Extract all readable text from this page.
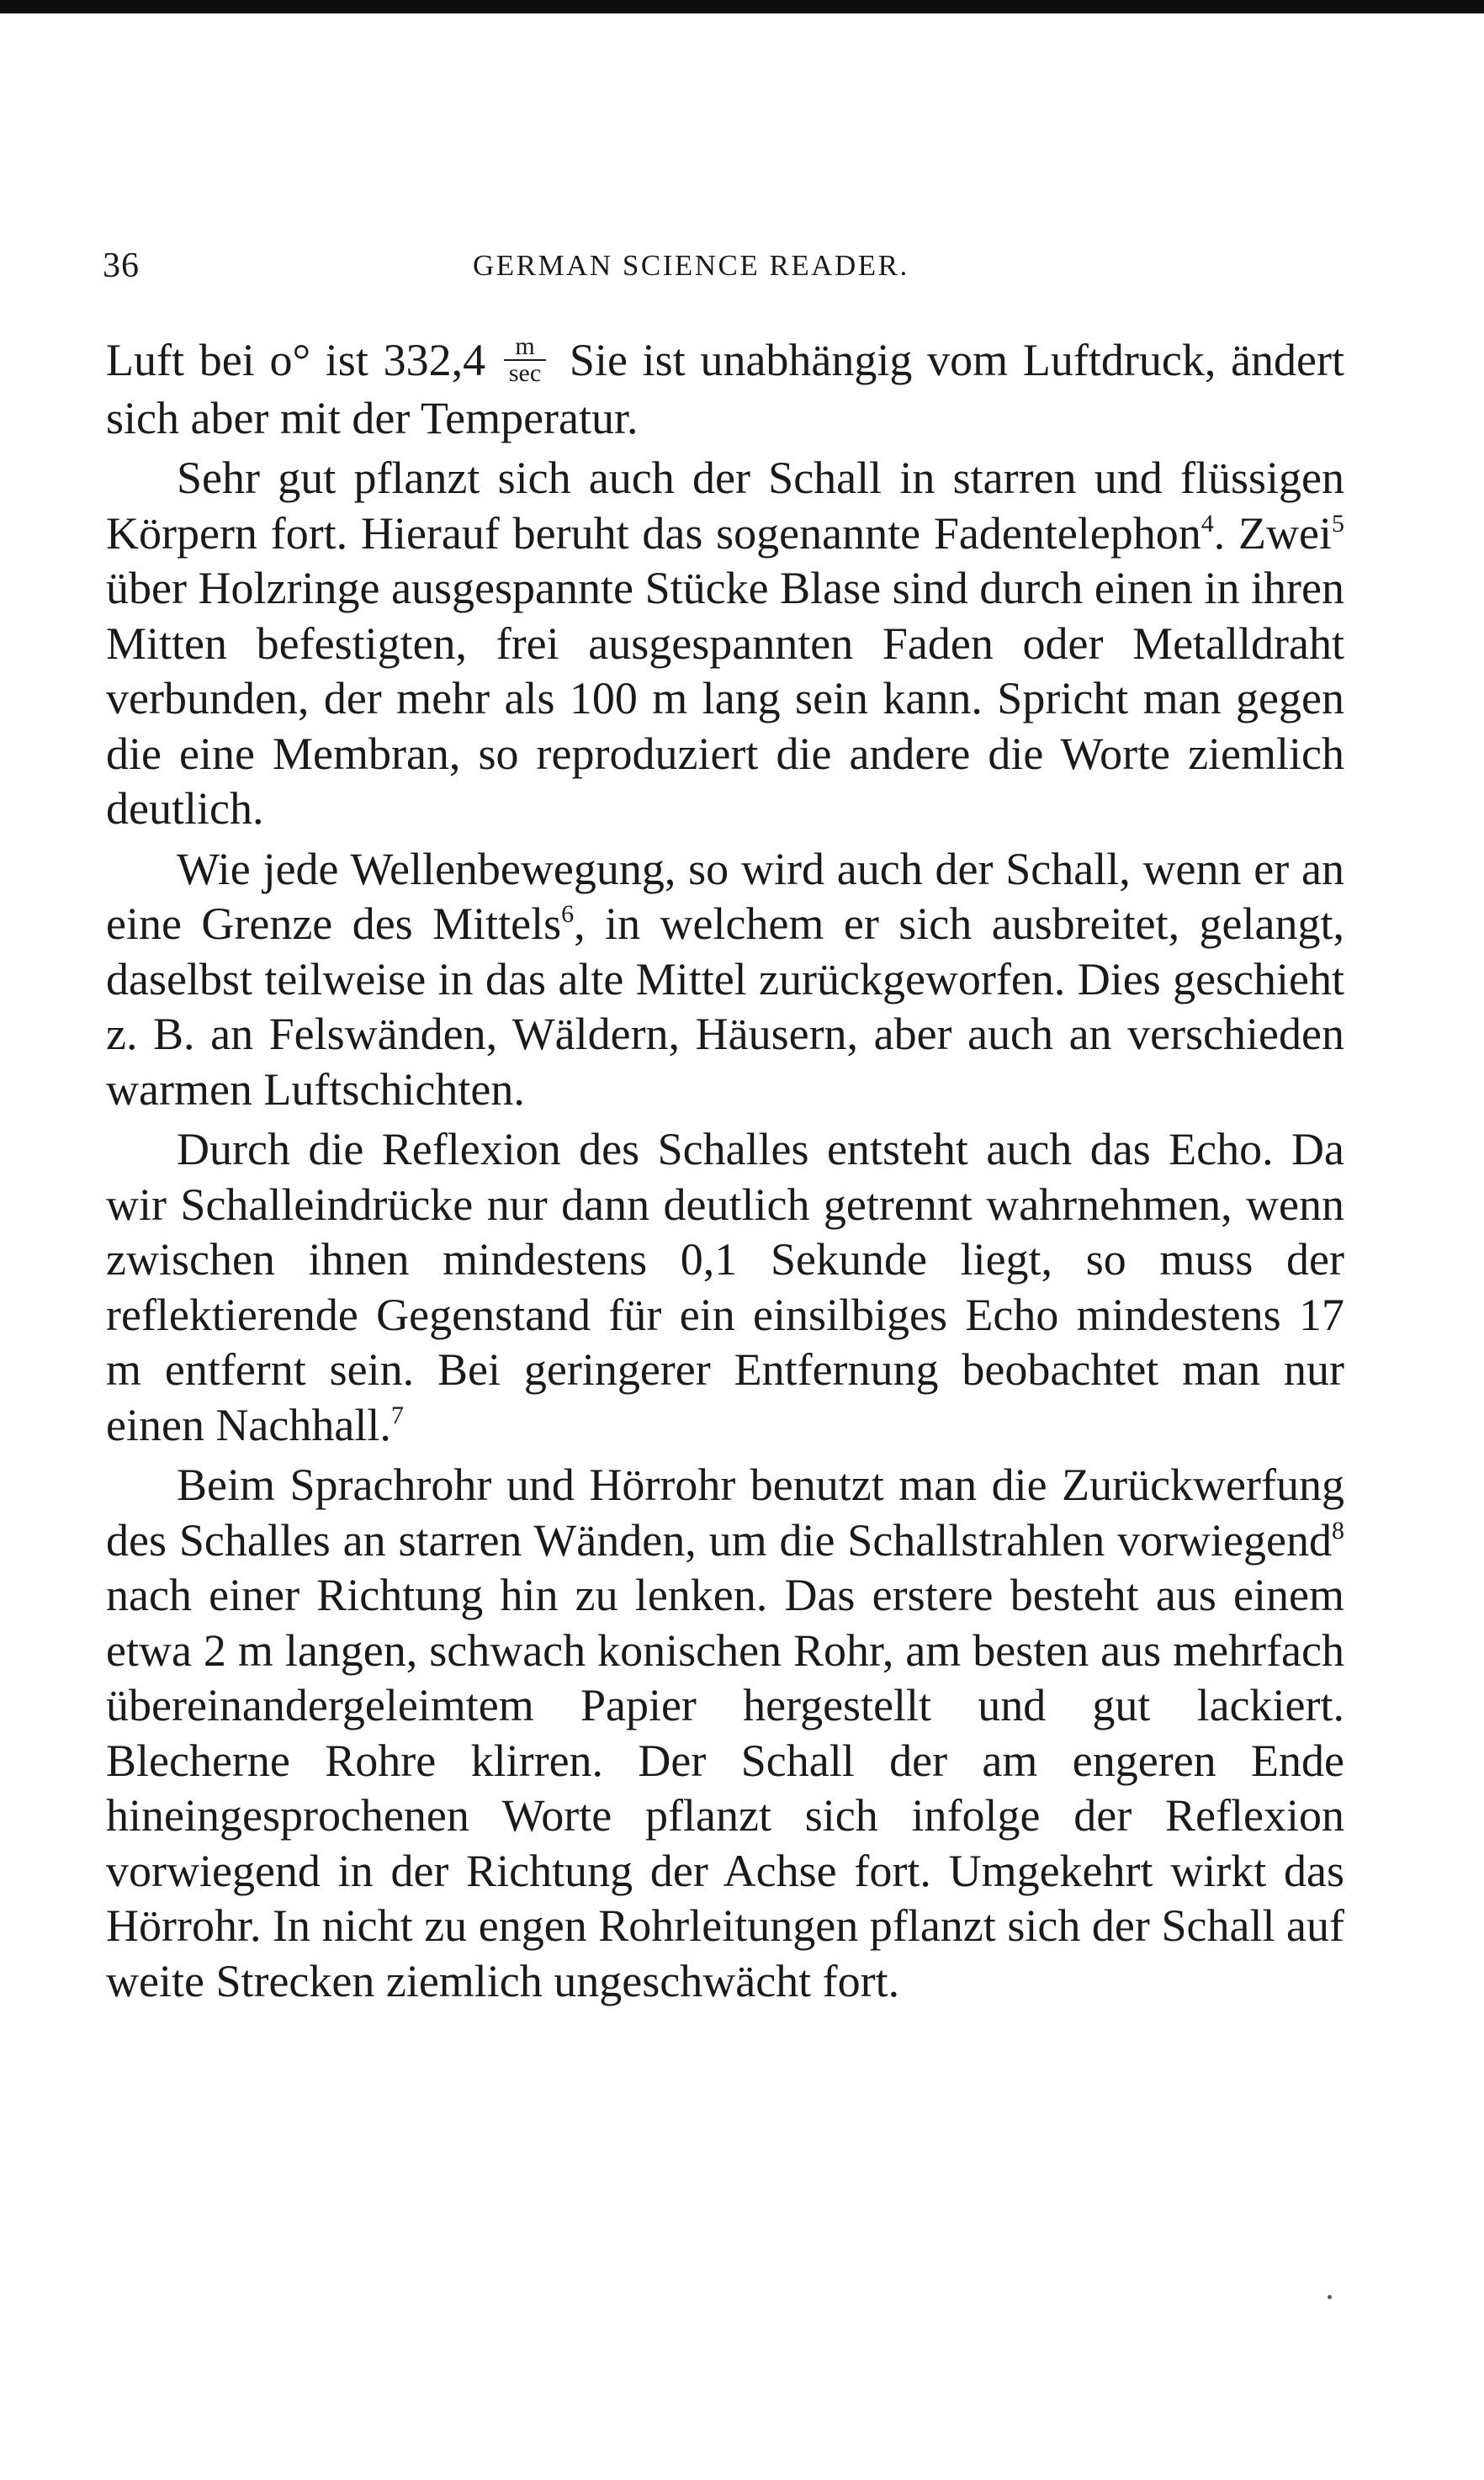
36	GERMAN SCIENCE READER.

Luft bei o° ist $332,4 \frac{m}{\sec}$ Sie ist unabhängig vom Luftdruck, ändert sich aber mit der Temperatur.

Sehr gut pflanzt sich auch der Schall in starren und flüssigen Körpern fort. Hierauf beruht das sogenannte Fadentelephon$^4$. Zwei$^5$ über Holzringe ausgespannte Stücke Blase sind durch einen in ihren Mitten befestigten, frei ausgespannten Faden oder Metalldraht verbunden, der mehr als 100 m lang sein kann. Spricht man gegen die eine Membran, so reproduziert die andere die Worte ziemlich deutlich.

Wie jede Wellenbewegung, so wird auch der Schall, wenn er an eine Grenze des Mittels$^6$, in welchem er sich ausbreitet, gelangt, daselbst teilweise in das alte Mittel zurückgeworfen. Dies geschieht z. B. an Felswänden, Wäldern, Häusern, aber auch an verschieden warmen Luftschichten.

Durch die Reflexion des Schalles entsteht auch das Echo. Da wir Schalleindrücke nur dann deutlich getrennt wahrnehmen, wenn zwischen ihnen mindestens 0,1 Sekunde liegt, so muss der reflektierende Gegenstand für ein einsilbiges Echo mindestens 17 m entfernt sein. Bei geringerer Entfernung beobachtet man nur einen Nachhall.$^7$

Beim Sprachrohr und Hörrohr benutzt man die Zurückwerfung des Schalles an starren Wänden, um die Schallstrahlen vorwiegend$^8$ nach einer Richtung hin zu lenken. Das erstere besteht aus einem etwa 2 m langen, schwach konischen Rohr, am besten aus mehrfach übereinandergeleimtem Papier hergestellt und gut lackiert. Blecherne Rohre klirren. Der Schall der am engeren Ende hineingesprochenen Worte pflanzt sich infolge der Reflexion vorwiegend in der Richtung der Achse fort. Umgekehrt wirkt das Hörrohr. In nicht zu engen Rohrleitungen pflanzt sich der Schall auf weite Strecken ziemlich ungeschwächt fort.
